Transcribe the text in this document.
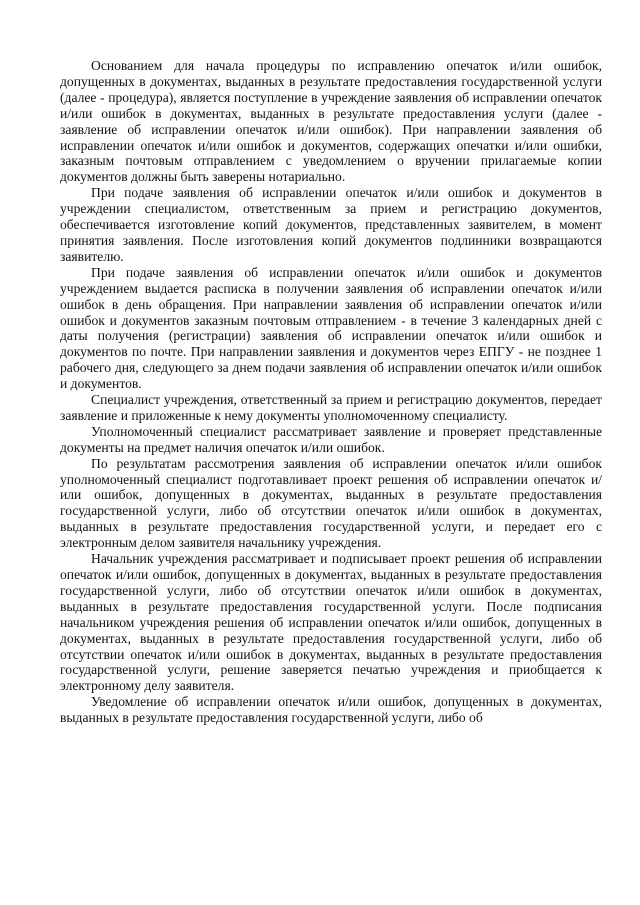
Основанием для начала процедуры по исправлению опечаток и/или ошибок, допущенных в документах, выданных в результате предоставления государственной услуги (далее - процедура), является поступление в учреждение заявления об исправлении опечаток и/или ошибок в документах, выданных в результате предоставления услуги (далее - заявление об исправлении опечаток и/или ошибок). При направлении заявления об исправлении опечаток и/или ошибок и документов, содержащих опечатки и/или ошибки, заказным почтовым отправлением с уведомлением о вручении прилагаемые копии документов должны быть заверены нотариально.

При подаче заявления об исправлении опечаток и/или ошибок и документов в учреждении специалистом, ответственным за прием и регистрацию документов, обеспечивается изготовление копий документов, представленных заявителем, в момент принятия заявления. После изготовления копий документов подлинники возвращаются заявителю.

При подаче заявления об исправлении опечаток и/или ошибок и документов учреждением выдается расписка в получении заявления об исправлении опечаток и/или ошибок в день обращения. При направлении заявления об исправлении опечаток и/или ошибок и документов заказным почтовым отправлением - в течение 3 календарных дней с даты получения (регистрации) заявления об исправлении опечаток и/или ошибок и документов по почте. При направлении заявления и документов через ЕПГУ - не позднее 1 рабочего дня, следующего за днем подачи заявления об исправлении опечаток и/или ошибок и документов.

Специалист учреждения, ответственный за прием и регистрацию документов, передает заявление и приложенные к нему документы уполномоченному специалисту.

Уполномоченный специалист рассматривает заявление и проверяет представленные документы на предмет наличия опечаток и/или ошибок.

По результатам рассмотрения заявления об исправлении опечаток и/или ошибок уполномоченный специалист подготавливает проект решения об исправлении опечаток и/или ошибок, допущенных в документах, выданных в результате предоставления государственной услуги, либо об отсутствии опечаток и/или ошибок в документах, выданных в результате предоставления государственной услуги, и передает его с электронным делом заявителя начальнику учреждения.

Начальник учреждения рассматривает и подписывает проект решения об исправлении опечаток и/или ошибок, допущенных в документах, выданных в результате предоставления государственной услуги, либо об отсутствии опечаток и/или ошибок в документах, выданных в результате предоставления государственной услуги. После подписания начальником учреждения решения об исправлении опечаток и/или ошибок, допущенных в документах, выданных в результате предоставления государственной услуги, либо об отсутствии опечаток и/или ошибок в документах, выданных в результате предоставления государственной услуги, решение заверяется печатью учреждения и приобщается к электронному делу заявителя.

Уведомление об исправлении опечаток и/или ошибок, допущенных в документах, выданных в результате предоставления государственной услуги, либо об
